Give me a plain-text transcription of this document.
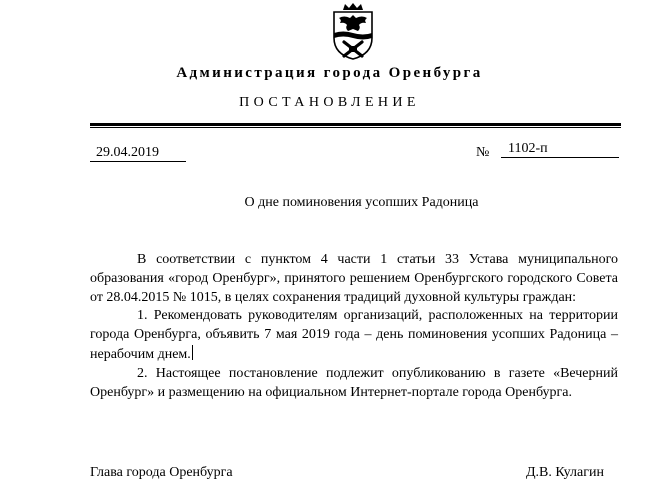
Администрация города Оренбурга
ПОСТАНОВЛЕНИЕ
29.04.2019	№ 1102-п
О дне поминовения усопших Радоница

В соответствии с пунктом 4 части 1 статьи 33 Устава муниципального образования «город Оренбург», принятого решением Оренбургского городского Совета от 28.04.2015 № 1015, в целях сохранения традиций духовной культуры граждан:

1. Рекомендовать руководителям организаций, расположенных на территории города Оренбурга, объявить 7 мая 2019 года – день поминовения усопших Радоница – нерабочим днем.

2. Настоящее постановление подлежит опубликованию в газете «Вечерний Оренбург» и размещению на официальном Интернет-портале города Оренбурга.

Глава города Оренбурга	Д.В. Кулагин
